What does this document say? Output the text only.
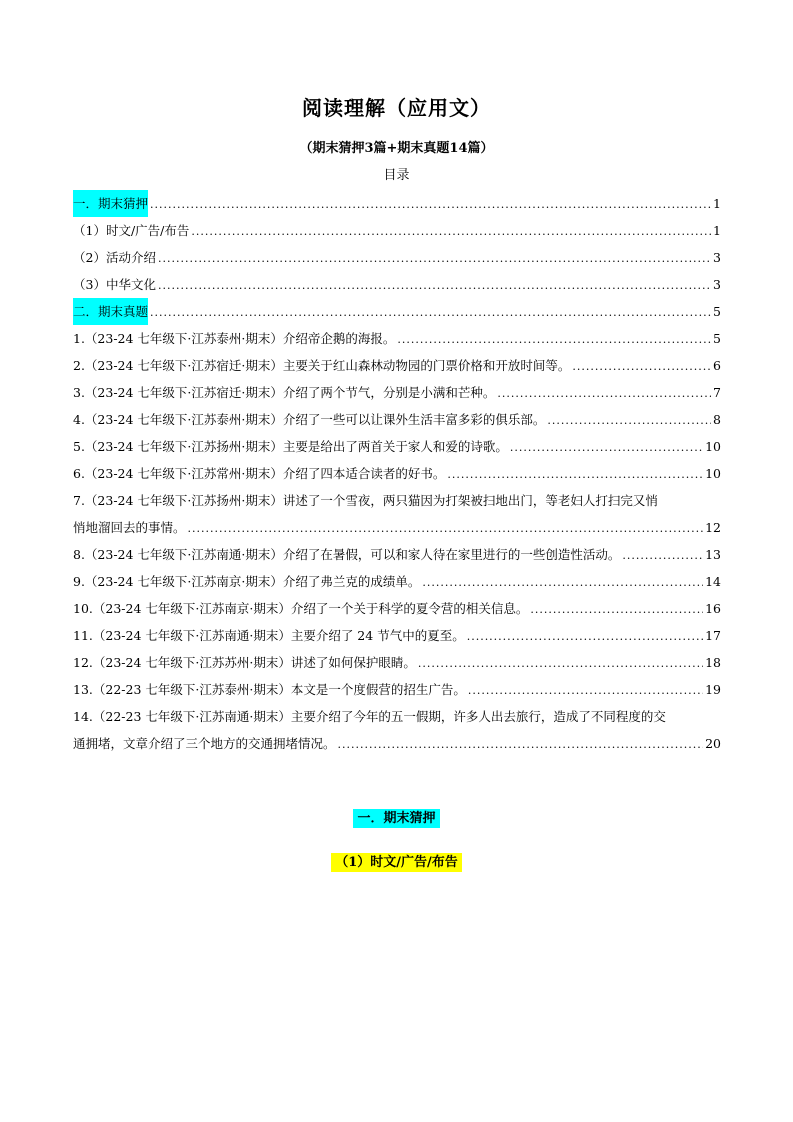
阅读理解（应用文）
（期末猜押3篇+期末真题14篇）
目录
一．期末猜押 .....	1
（1）时文/广告/布告 .....	1
（2）活动介绍 .....	3
（3）中华文化 .....	3
二．期末真题 .....	5
1.（23-24 七年级下·江苏泰州·期末）介绍帝企鹅的海报。 .....	5
2.（23-24 七年级下·江苏宿迁·期末）主要关于红山森林动物园的门票价格和开放时间等。 .....	6
3.（23-24 七年级下·江苏宿迁·期末）介绍了两个节气，分别是小满和芒种。 .....	7
4.（23-24 七年级下·江苏泰州·期末）介绍了一些可以让课外生活丰富多彩的俱乐部。 .....	8
5.（23-24 七年级下·江苏扬州·期末）主要是给出了两首关于家人和爱的诗歌。 .....	10
6.（23-24 七年级下·江苏常州·期末）介绍了四本适合读者的好书。 .....	10
7.（23-24 七年级下·江苏扬州·期末）讲述了一个雪夜，两只猫因为打架被扫地出门，等老妇人打扫完又悄
悄地溜回去的事情。 .....	12
8.（23-24 七年级下·江苏南通·期末）介绍了在暑假，可以和家人待在家里进行的一些创造性活动。 .....	13
9.（23-24 七年级下·江苏南京·期末）介绍了弗兰克的成绩单。 .....	14
10.（23-24 七年级下·江苏南京·期末）介绍了一个关于科学的夏令营的相关信息。 .....	16
11.（23-24 七年级下·江苏南通·期末）主要介绍了 24 节气中的夏至。 .....	17
12.（23-24 七年级下·江苏苏州·期末）讲述了如何保护眼睛。 .....	18
13.（22-23 七年级下·江苏泰州·期末）本文是一个度假营的招生广告。 .....	19
14.（22-23 七年级下·江苏南通·期末）主要介绍了今年的五一假期，许多人出去旅行，造成了不同程度的交
通拥堵，文章介绍了三个地方的交通拥堵情况。 .....	20
一．期末猜押
（1）时文/广告/布告
